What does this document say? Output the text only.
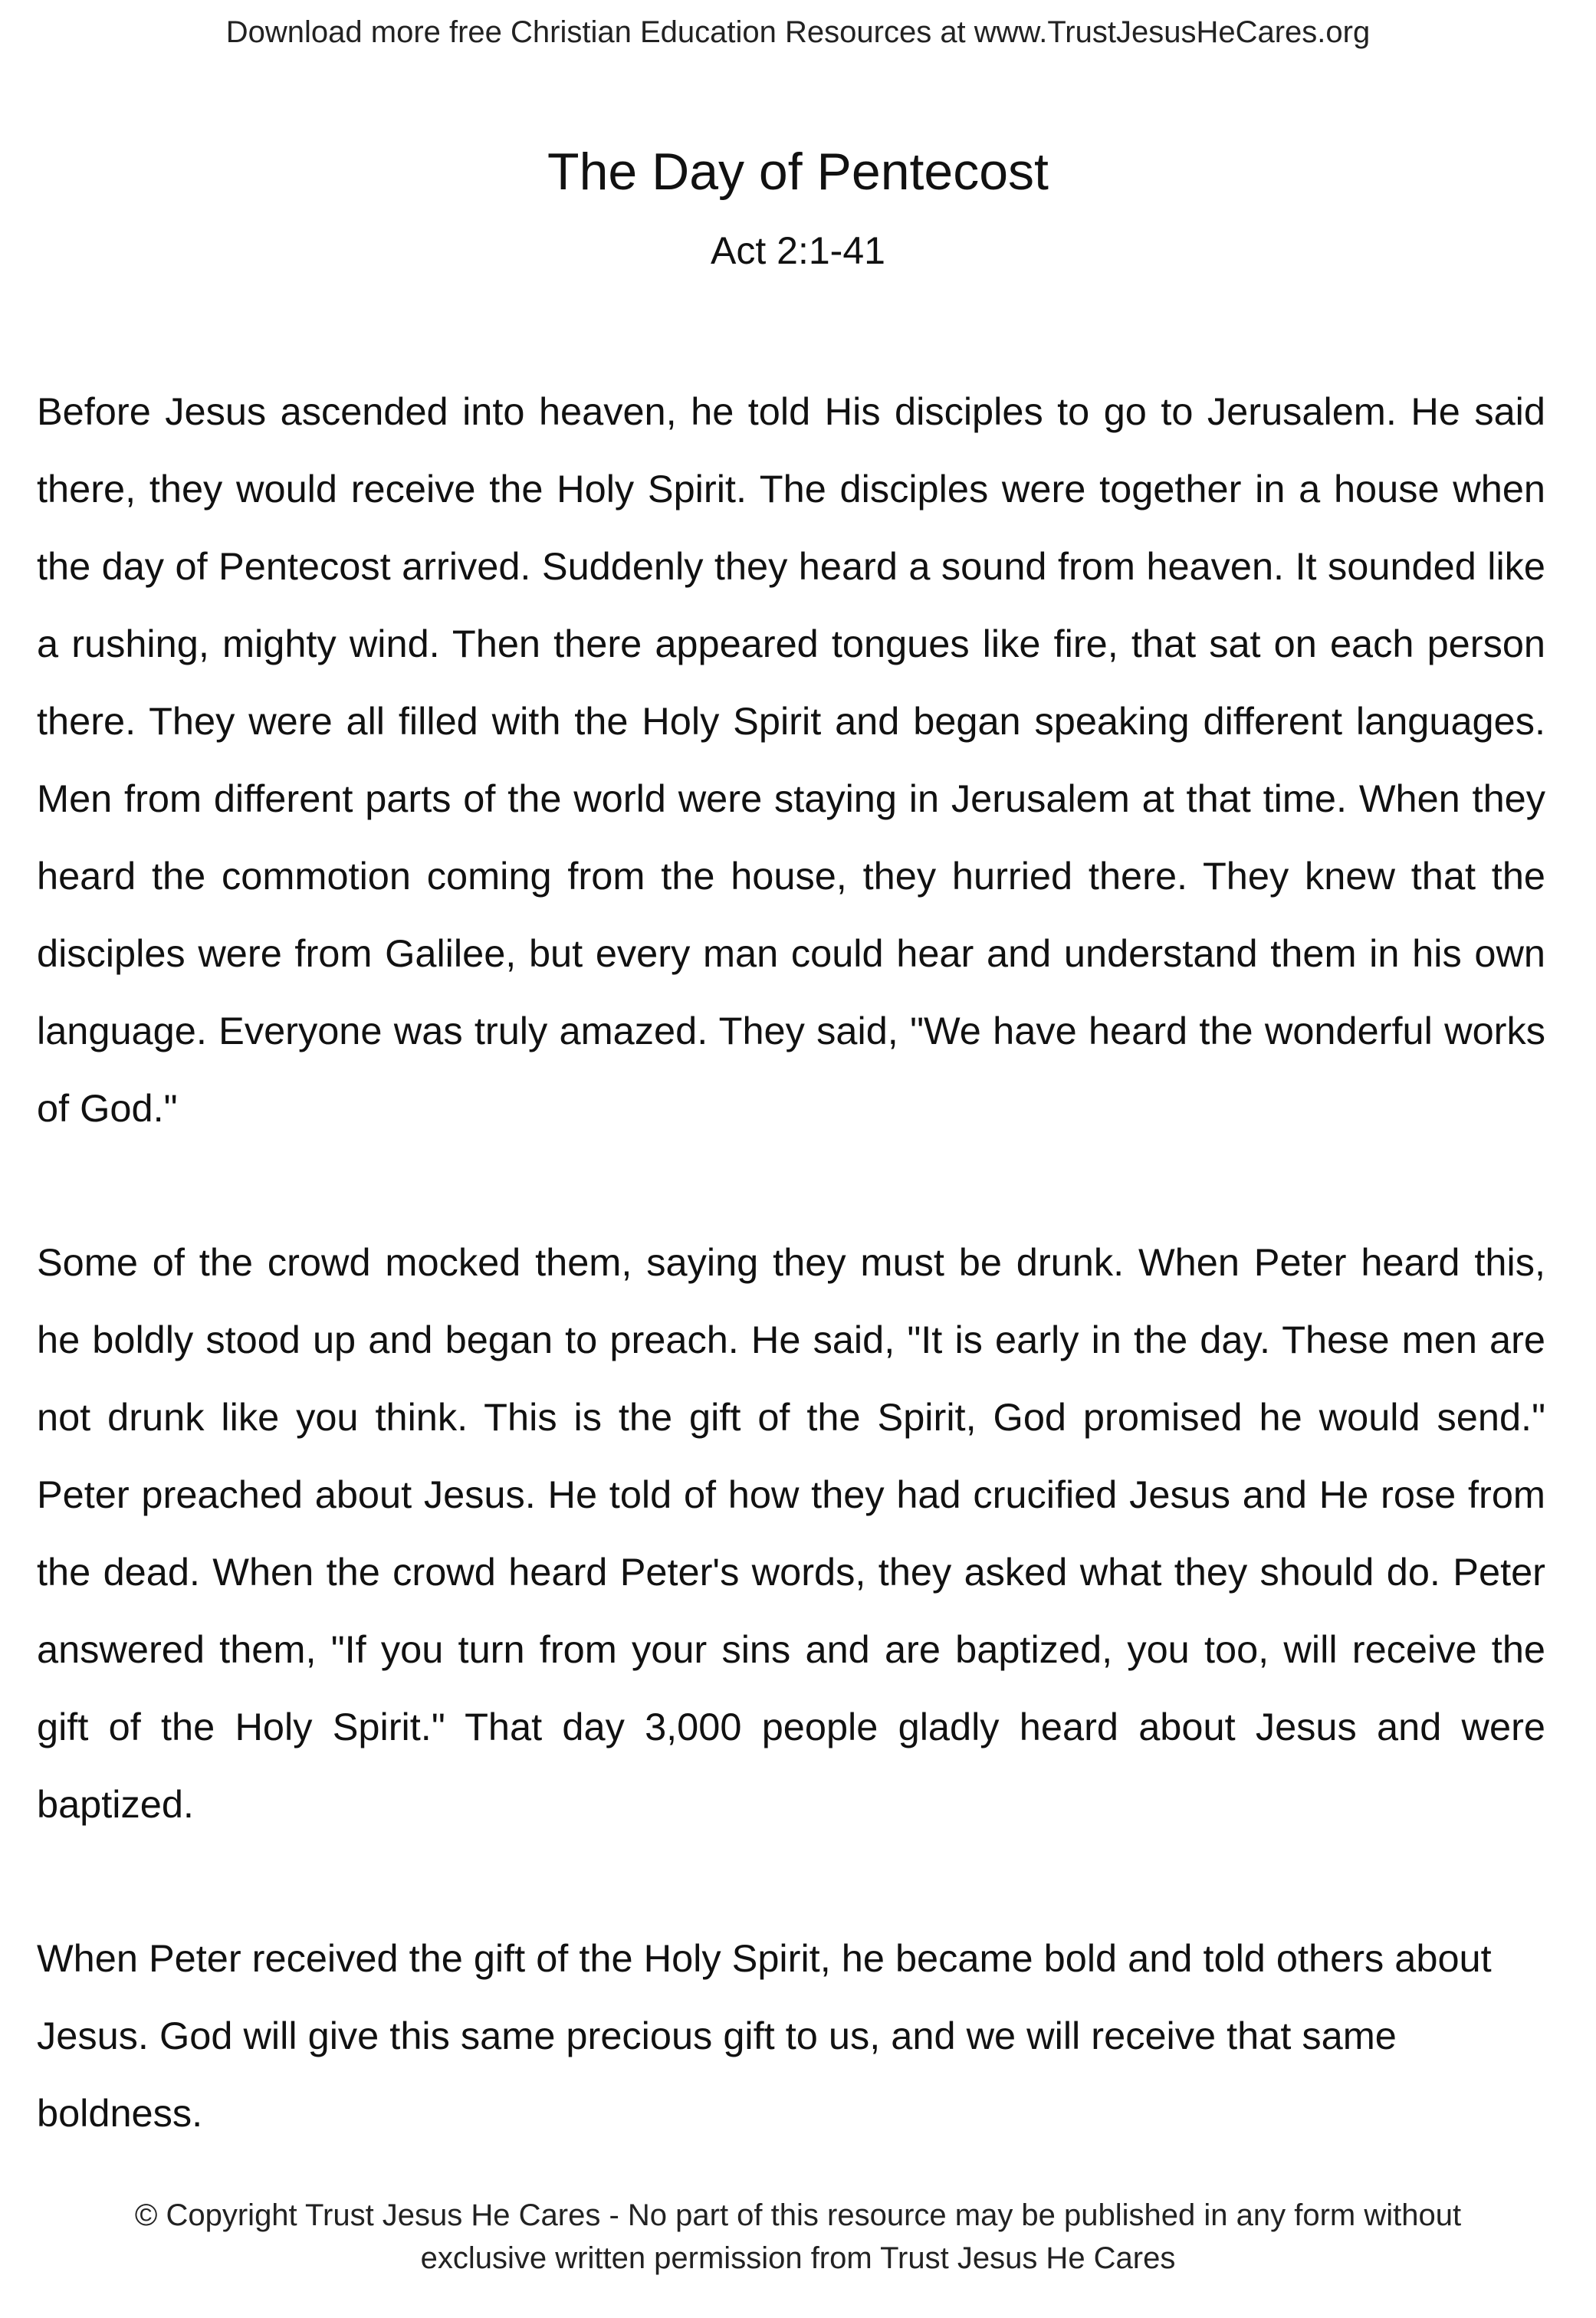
Download more free Christian Education Resources at www.TrustJesusHeCares.org
The Day of Pentecost
Act 2:1-41

Before Jesus ascended into heaven, he told His disciples to go to Jerusalem. He said there, they would receive the Holy Spirit. The disciples were together in a house when the day of Pentecost arrived. Suddenly they heard a sound from heaven. It sounded like a rushing, mighty wind. Then there appeared tongues like fire, that sat on each person there. They were all filled with the Holy Spirit and began speaking different languages. Men from different parts of the world were staying in Jerusalem at that time. When they heard the commotion coming from the house, they hurried there. They knew that the disciples were from Galilee, but every man could hear and understand them in his own language. Everyone was truly amazed. They said, "We have heard the wonderful works of God."

Some of the crowd mocked them, saying they must be drunk. When Peter heard this, he boldly stood up and began to preach. He said, "It is early in the day. These men are not drunk like you think. This is the gift of the Spirit, God promised he would send." Peter preached about Jesus. He told of how they had crucified Jesus and He rose from the dead. When the crowd heard Peter's words, they asked what they should do. Peter answered them, "If you turn from your sins and are baptized, you too, will receive the gift of the Holy Spirit." That day 3,000 people gladly heard about Jesus and were baptized.

When Peter received the gift of the Holy Spirit, he became bold and told others about Jesus. God will give this same precious gift to us, and we will receive that same boldness.

© Copyright Trust Jesus He Cares - No part of this resource may be published in any form without
exclusive written permission from Trust Jesus He Cares
